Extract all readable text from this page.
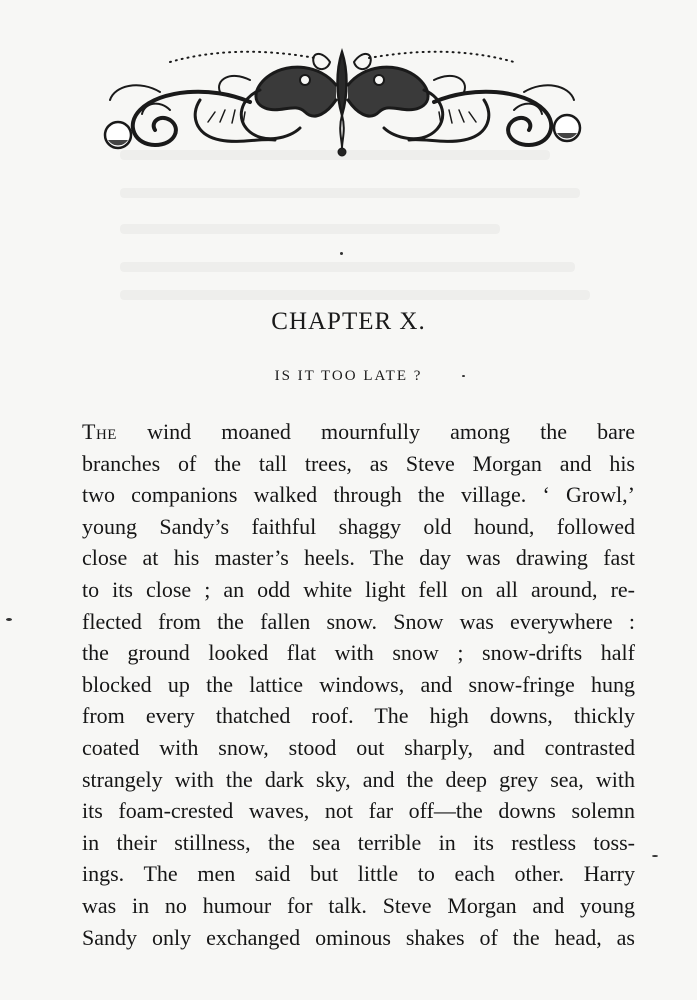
CHAPTER X.
IS IT TOO LATE ?
The wind moaned mournfully among the bare
branches of the tall trees, as Steve Morgan and his
two companions walked through the village. ‘ Growl,’
young Sandy’s faithful shaggy old hound, followed
close at his master’s heels. The day was drawing fast
to its close ; an odd white light fell on all around, re-
flected from the fallen snow. Snow was everywhere :
the ground looked flat with snow ; snow-drifts half
blocked up the lattice windows, and snow-fringe hung
from every thatched roof. The high downs, thickly
coated with snow, stood out sharply, and contrasted
strangely with the dark sky, and the deep grey sea, with
its foam-crested waves, not far off—the downs solemn
in their stillness, the sea terrible in its restless toss-
ings. The men said but little to each other. Harry
was in no humour for talk. Steve Morgan and young
Sandy only exchanged ominous shakes of the head, as
